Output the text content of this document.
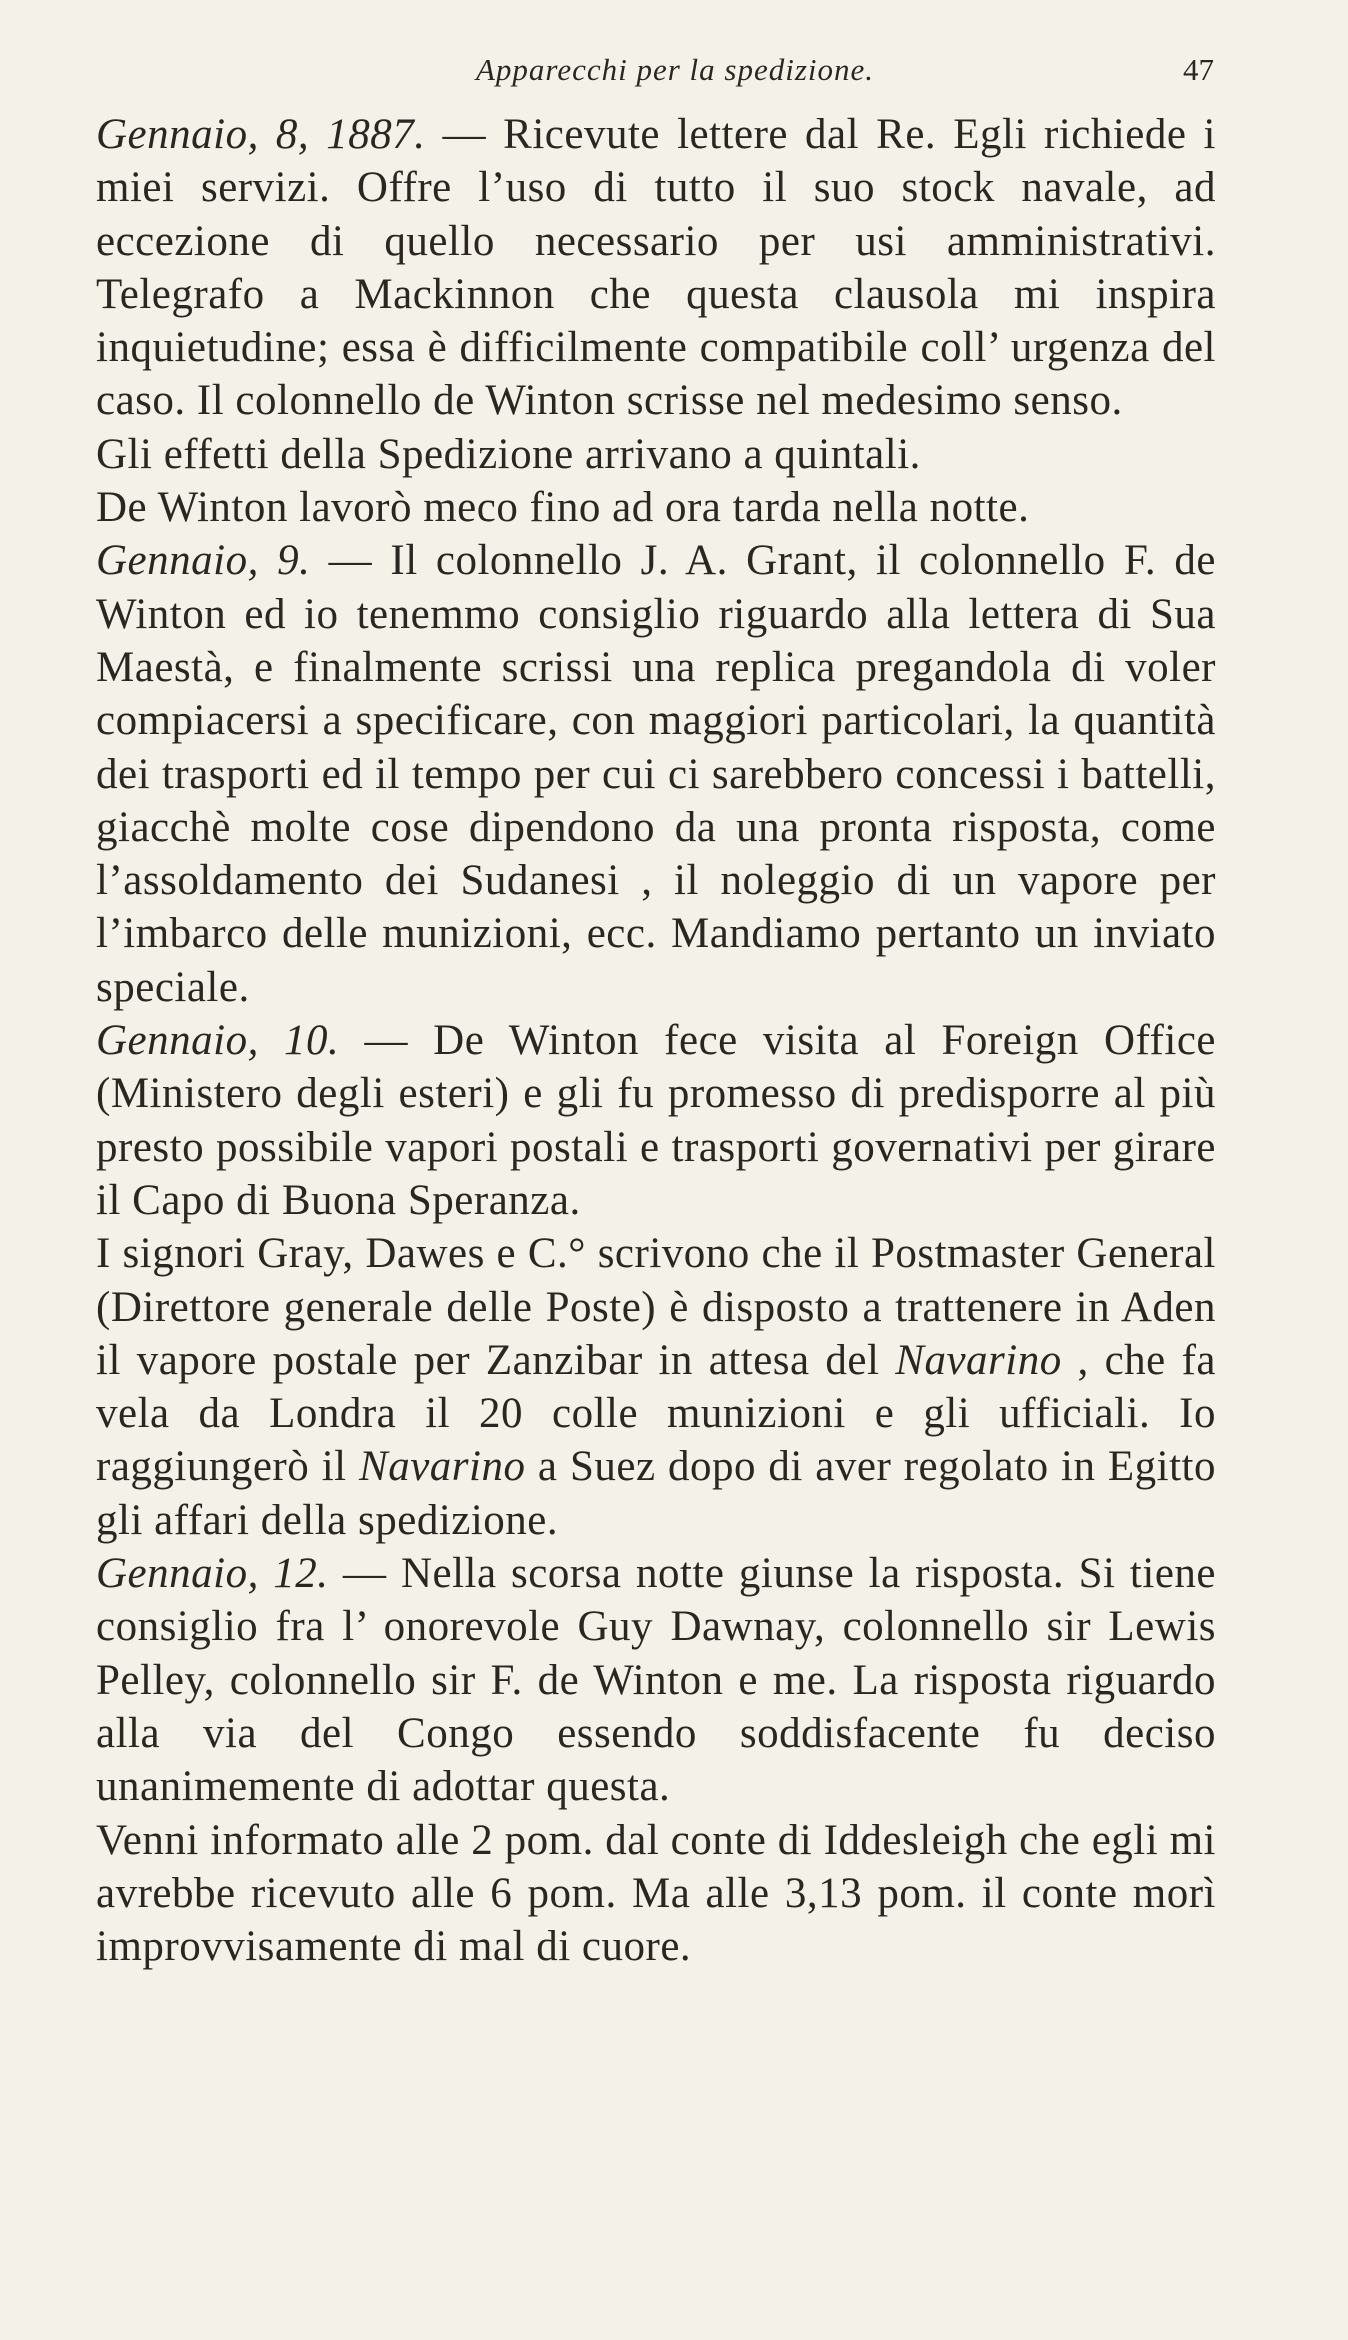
Apparecchi per la spedizione.	47

Gennaio, 8, 1887. — Ricevute lettere dal Re. Egli richiede i miei servizi. Offre l’uso di tutto il suo stock navale, ad eccezione di quello necessario per usi amministrativi. Telegrafo a Mackinnon che questa clausola mi inspira inquietudine; essa è difficilmente compatibile coll’ urgenza del caso. Il colonnello de Winton scrisse nel medesimo senso.

Gli effetti della Spedizione arrivano a quintali.

De Winton lavorò meco fino ad ora tarda nella notte.

Gennaio, 9. — Il colonnello J. A. Grant, il colonnello F. de Winton ed io tenemmo consiglio riguardo alla lettera di Sua Maestà, e finalmente scrissi una replica pregandola di voler compiacersi a specificare, con maggiori particolari, la quantità dei trasporti ed il tempo per cui ci sarebbero concessi i battelli, giacchè molte cose dipendono da una pronta risposta, come l’assoldamento dei Sudanesi , il noleggio di un vapore per l’imbarco delle munizioni, ecc. Mandiamo pertanto un inviato speciale.

Gennaio, 10. — De Winton fece visita al Foreign Office (Ministero degli esteri) e gli fu promesso di predisporre al più presto possibile vapori postali e trasporti governativi per girare il Capo di Buona Speranza.

I signori Gray, Dawes e C.° scrivono che il Postmaster General (Direttore generale delle Poste) è disposto a trattenere in Aden il vapore postale per Zanzibar in attesa del Navarino , che fa vela da Londra il 20 colle munizioni e gli ufficiali. Io raggiungerò il Navarino a Suez dopo di aver regolato in Egitto gli affari della spedizione.

Gennaio, 12. — Nella scorsa notte giunse la risposta. Si tiene consiglio fra l’ onorevole Guy Dawnay, colonnello sir Lewis Pelley, colonnello sir F. de Winton e me. La risposta riguardo alla via del Congo essendo soddisfacente fu deciso unanimemente di adottar questa.

Venni informato alle 2 pom. dal conte di Iddesleigh che egli mi avrebbe ricevuto alle 6 pom. Ma alle 3,13 pom. il conte morì improvvisamente di mal di cuore.
